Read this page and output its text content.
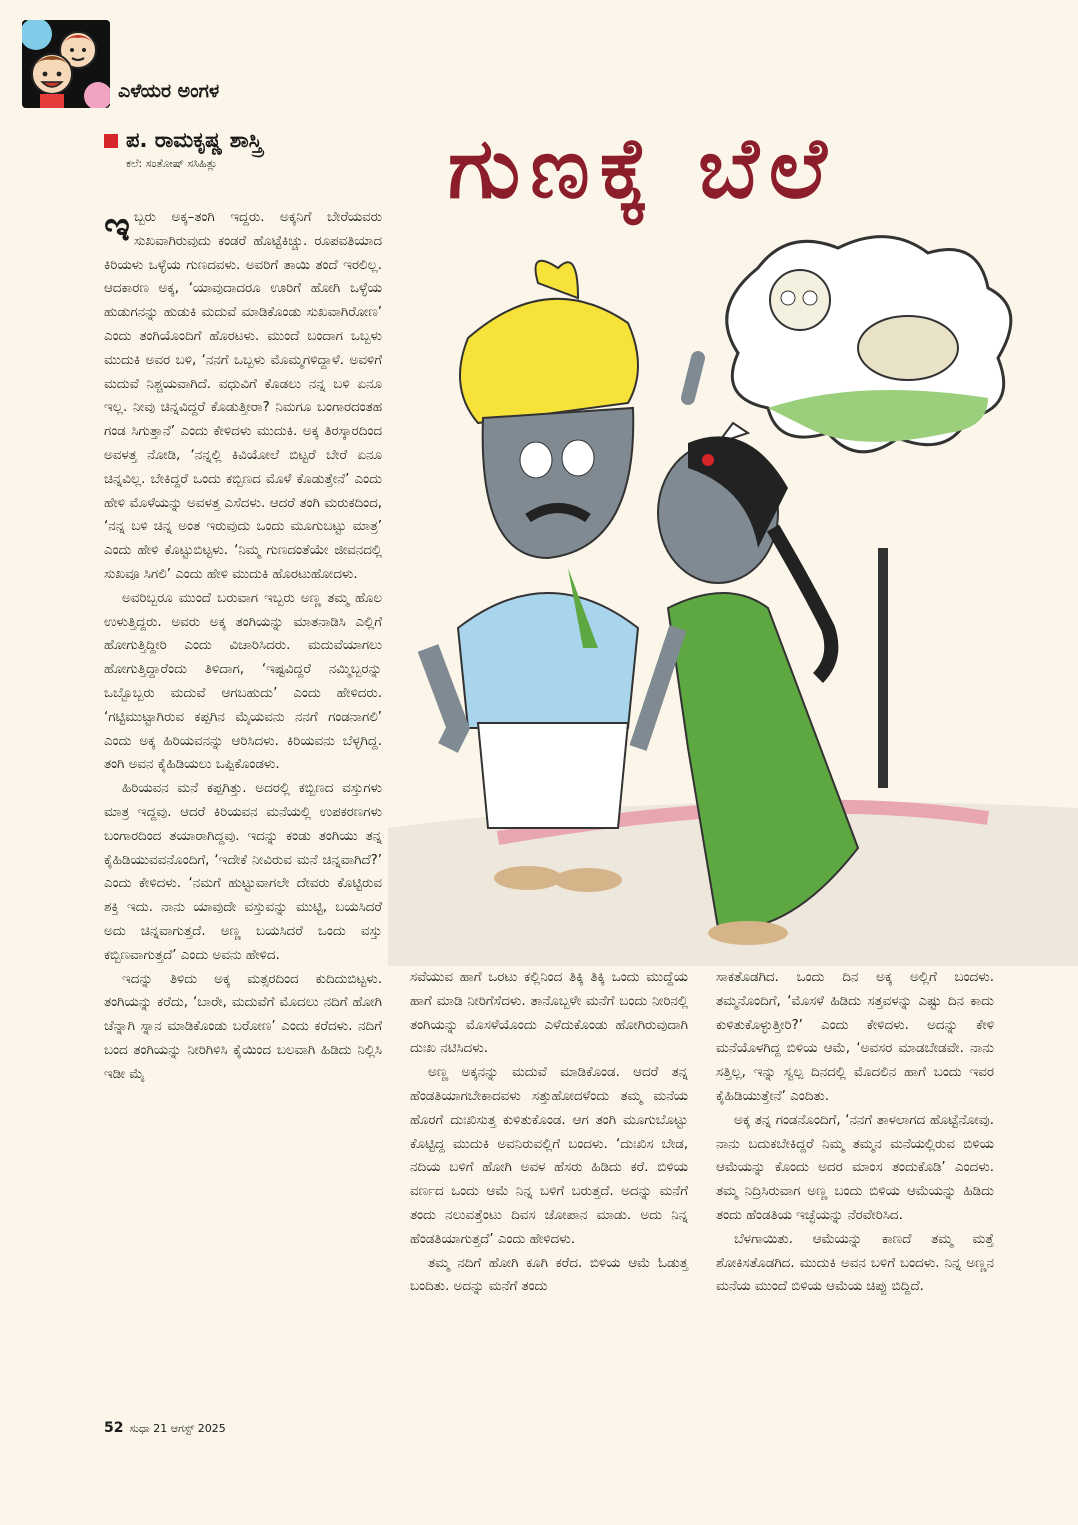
ಎಳೆಯರ ಅಂಗಳ
ಪ. ರಾಮಕೃಷ್ಣ ಶಾಸ್ತ್ರಿ
ಕಲೆ: ಸಂತೋಷ್ ಸಸಿಹಿತ್ಲು	ಗುಣಕ್ಕೆ ಬೆಲೆ

ಇಬ್ಬರು ಅಕ್ಕ–ತಂಗಿ ಇದ್ದರು. ಅಕ್ಕನಿಗೆ ಬೇರೆಯವರು ಸುಖವಾಗಿರುವುದು ಕಂಡರೆ ಹೊಟ್ಟೆಕಿಚ್ಚು. ರೂಪವತಿಯಾದ ಕಿರಿಯಳು ಒಳ್ಳೆಯ ಗುಣದವಳು. ಅವರಿಗೆ ತಾಯಿ ತಂದೆ ಇರಲಿಲ್ಲ. ಆದಕಾರಣ ಅಕ್ಕ, ‘ಯಾವುದಾದರೂ ಊರಿಗೆ ಹೋಗಿ ಒಳ್ಳೆಯ ಹುಡುಗನನ್ನು ಹುಡುಕಿ ಮದುವೆ ಮಾಡಿಕೊಂಡು ಸುಖವಾಗಿರೋಣ’ ಎಂದು ತಂಗಿಯೊಂದಿಗೆ ಹೊರಟಳು. ಮುಂದೆ ಬಂದಾಗ ಒಬ್ಬಳು ಮುದುಕಿ ಅವರ ಬಳಿ, ‘ನನಗೆ ಒಬ್ಬಳು ಮೊಮ್ಮಗಳಿದ್ದಾಳೆ. ಅವಳಿಗೆ ಮದುವೆ ನಿಶ್ಚಯವಾಗಿದೆ. ವಧುವಿಗೆ ಕೊಡಲು ನನ್ನ ಬಳಿ ಏನೂ ಇಲ್ಲ. ನೀವು ಚಿನ್ನವಿದ್ದರೆ ಕೊಡುತ್ತೀರಾ? ನಿಮಗೂ ಬಂಗಾರದಂತಹ ಗಂಡ ಸಿಗುತ್ತಾನೆ’ ಎಂದು ಕೇಳಿದಳು ಮುದುಕಿ. ಅಕ್ಕ ತಿರಸ್ಕಾರದಿಂದ ಅವಳತ್ತ ನೋಡಿ, ‘ನನ್ನಲ್ಲಿ ಕಿವಿಯೋಲೆ ಬಿಟ್ಟರೆ ಬೇರೆ ಏನೂ ಚಿನ್ನವಿಲ್ಲ. ಬೇಕಿದ್ದರೆ ಒಂದು ಕಬ್ಬಿಣದ ಮೊಳೆ ಕೊಡುತ್ತೇನೆ’ ಎಂದು ಹೇಳಿ ಮೊಳೆಯನ್ನು ಅವಳತ್ತ ಎಸೆದಳು. ಆದರೆ ತಂಗಿ ಮರುಕದಿಂದ, ‘ನನ್ನ ಬಳಿ ಚಿನ್ನ ಅಂತ ಇರುವುದು ಒಂದು ಮೂಗುಬಟ್ಟು ಮಾತ್ರ’ ಎಂದು ಹೇಳಿ ಕೊಟ್ಟುಬಿಟ್ಟಳು. ‘ನಿಮ್ಮ ಗುಣದಂತೆಯೇ ಜೀವನದಲ್ಲಿ ಸುಖವೂ ಸಿಗಲಿ’ ಎಂದು ಹೇಳಿ ಮುದುಕಿ ಹೊರಟುಹೋದಳು.

ಅವರಿಬ್ಬರೂ ಮುಂದೆ ಬರುವಾಗ ಇಬ್ಬರು ಅಣ್ಣ ತಮ್ಮ ಹೊಲ ಉಳುತ್ತಿದ್ದರು. ಅವರು ಅಕ್ಕ ತಂಗಿಯನ್ನು ಮಾತನಾಡಿಸಿ ಎಲ್ಲಿಗೆ ಹೋಗುತ್ತಿದ್ದೀರಿ ಎಂದು ವಿಚಾರಿಸಿದರು. ಮದುವೆಯಾಗಲು ಹೋಗುತ್ತಿದ್ದಾರೆಂದು ತಿಳಿದಾಗ, ‘ಇಷ್ಟವಿದ್ದರೆ ನಮ್ಮಿಬ್ಬರನ್ನು ಒಬ್ಬೊಬ್ಬರು ಮದುವೆ ಆಗಬಹುದು’ ಎಂದು ಹೇಳಿದರು. ‘ಗಟ್ಟಿಮುಟ್ಟಾಗಿರುವ ಕಪ್ಪಗಿನ ಮೈಯವನು ನನಗೆ ಗಂಡನಾಗಲಿ’ ಎಂದು ಅಕ್ಕ ಹಿರಿಯವನನ್ನು ಆರಿಸಿದಳು. ಕಿರಿಯವನು ಬೆಳ್ಳಗಿದ್ದ. ತಂಗಿ ಅವನ ಕೈಹಿಡಿಯಲು ಒಪ್ಪಿಕೊಂಡಳು.

ಹಿರಿಯವನ ಮನೆ ಕಪ್ಪಗಿತ್ತು. ಅದರಲ್ಲಿ ಕಬ್ಬಿಣದ ವಸ್ತುಗಳು ಮಾತ್ರ ಇದ್ದವು. ಆದರೆ ಕಿರಿಯವನ ಮನೆಯಲ್ಲಿ ಉಪಕರಣಗಳು ಬಂಗಾರದಿಂದ ತಯಾರಾಗಿದ್ದವು. ಇದನ್ನು ಕಂಡು ತಂಗಿಯು ತನ್ನ ಕೈಹಿಡಿಯುವವನೊಂದಿಗೆ, ‘ಇದೇಕೆ ನೀವಿರುವ ಮನೆ ಚಿನ್ನವಾಗಿದೆ?’ ಎಂದು ಕೇಳಿದಳು. ‘ನಮಗೆ ಹುಟ್ಟುವಾಗಲೇ ದೇವರು ಕೊಟ್ಟಿರುವ ಶಕ್ತಿ ಇದು. ನಾನು ಯಾವುದೇ ವಸ್ತುವನ್ನು ಮುಟ್ಟಿ, ಬಯಸಿದರೆ ಅದು ಚಿನ್ನವಾಗುತ್ತದೆ. ಅಣ್ಣ ಬಯಸಿದರೆ ಒಂದು ವಸ್ತು ಕಬ್ಬಿಣವಾಗುತ್ತದೆ’ ಎಂದು ಅವನು ಹೇಳಿದ.

ಇದನ್ನು ತಿಳಿದು ಅಕ್ಕ ಮತ್ಸರದಿಂದ ಕುದಿದುಬಿಟ್ಟಳು. ತಂಗಿಯನ್ನು ಕರೆದು, ‘ಬಾರೇ, ಮದುವೆಗೆ ಮೊದಲು ನದಿಗೆ ಹೋಗಿ ಚೆನ್ನಾಗಿ ಸ್ನಾನ ಮಾಡಿಕೊಂಡು ಬರೋಣ’ ಎಂದು ಕರೆದಳು. ನದಿಗೆ ಬಂದ ತಂಗಿಯನ್ನು ನೀರಿಗಿಳಿಸಿ ಕೈಯಿಂದ ಬಲವಾಗಿ ಹಿಡಿದು ನಿಲ್ಲಿಸಿ ಇಡೀ ಮೈ

ಸವೆಯುವ ಹಾಗೆ ಒರಟು ಕಲ್ಲಿನಿಂದ ತಿಕ್ಕಿ ತಿಕ್ಕಿ ಒಂದು ಮುದ್ದೆಯ ಹಾಗೆ ಮಾಡಿ ನೀರಿಗೆಸೆದಳು. ತಾನೊಬ್ಬಳೇ ಮನೆಗೆ ಬಂದು ನೀರಿನಲ್ಲಿ ತಂಗಿಯನ್ನು ಮೊಸಳೆಯೊಂದು ಎಳೆದುಕೊಂಡು ಹೋಗಿರುವುದಾಗಿ ದುಃಖ ನಟಿಸಿದಳು.

ಅಣ್ಣ ಅಕ್ಕನನ್ನು ಮದುವೆ ಮಾಡಿಕೊಂಡ. ಆದರೆ ತನ್ನ ಹೆಂಡತಿಯಾಗಬೇಕಾದವಳು ಸತ್ತುಹೋದಳೆಂದು ತಮ್ಮ ಮನೆಯ ಹೊರಗೆ ದುಃಖಿಸುತ್ತ ಕುಳಿತುಕೊಂಡ. ಆಗ ತಂಗಿ ಮೂಗುಬೊಟ್ಟು ಕೊಟ್ಟಿದ್ದ ಮುದುಕಿ ಅವನಿರುವಲ್ಲಿಗೆ ಬಂದಳು. ‘ದುಃಖಿಸ ಬೇಡ, ನದಿಯ ಬಳಿಗೆ ಹೋಗಿ ಅವಳ ಹೆಸರು ಹಿಡಿದು ಕರೆ. ಬಿಳಿಯ ವರ್ಣದ ಒಂದು ಆಮೆ ನಿನ್ನ ಬಳಿಗೆ ಬರುತ್ತದೆ. ಅದನ್ನು ಮನೆಗೆ ತಂದು ನಲುವತ್ತೆಂಟು ದಿವಸ ಜೋಪಾನ ಮಾಡು. ಅದು ನಿನ್ನ ಹೆಂಡತಿಯಾಗುತ್ತದೆ’ ಎಂದು ಹೇಳಿದಳು.

ತಮ್ಮ ನದಿಗೆ ಹೋಗಿ ಕೂಗಿ ಕರೆದ. ಬಿಳಿಯ ಆಮೆ ಓಡುತ್ತ ಬಂದಿತು. ಅದನ್ನು ಮನೆಗೆ ತಂದು

ಸಾಕತೊಡಗಿದ. ಒಂದು ದಿನ ಅಕ್ಕ ಅಲ್ಲಿಗೆ ಬಂದಳು. ತಮ್ಮನೊಂದಿಗೆ, ‘ಮೊಸಳೆ ಹಿಡಿದು ಸತ್ತವಳನ್ನು ಎಷ್ಟು ದಿನ ಕಾದು ಕುಳಿತುಕೊಳ್ಳುತ್ತೀರಿ?’ ಎಂದು ಕೇಳಿದಳು. ಅದನ್ನು ಕೇಳಿ ಮನೆಯೊಳಗಿದ್ದ ಬಿಳಿಯ ಆಮೆ, ‘ಅವಸರ ಮಾಡಬೇಡವೇ. ನಾನು ಸತ್ತಿಲ್ಲ, ಇನ್ನು ಸ್ವಲ್ಪ ದಿನದಲ್ಲಿ ಮೊದಲಿನ ಹಾಗೆ ಬಂದು ಇವರ ಕೈಹಿಡಿಯುತ್ತೇನೆ’ ಎಂದಿತು.

ಅಕ್ಕ ತನ್ನ ಗಂಡನೊಂದಿಗೆ, ‘ನನಗೆ ತಾಳಲಾಗದ ಹೊಟ್ಟೆನೋವು. ನಾನು ಬದುಕಬೇಕಿದ್ದರೆ ನಿಮ್ಮ ತಮ್ಮನ ಮನೆಯಲ್ಲಿರುವ ಬಿಳಿಯ ಆಮೆಯನ್ನು ಕೊಂದು ಅದರ ಮಾಂಸ ತಂದುಕೊಡಿ’ ಎಂದಳು. ತಮ್ಮ ನಿದ್ರಿಸಿರುವಾಗ ಅಣ್ಣ ಬಂದು ಬಿಳಿಯ ಆಮೆಯನ್ನು ಹಿಡಿದು ತಂದು ಹೆಂಡತಿಯ ಇಚ್ಛೆಯನ್ನು ನೆರವೇರಿಸಿದ.

ಬೆಳಗಾಯಿತು. ಆಮೆಯನ್ನು ಕಾಣದೆ ತಮ್ಮ ಮತ್ತೆ ಶೋಕಿಸತೊಡಗಿದ. ಮುದುಕಿ ಅವನ ಬಳಿಗೆ ಬಂದಳು. ನಿನ್ನ ಅಣ್ಣನ ಮನೆಯ ಮುಂದೆ ಬಿಳಿಯ ಆಮೆಯ ಚಿಪ್ಪು ಬಿದ್ದಿದೆ.

52 ಸುಧಾ 21 ಆಗಸ್ಟ್ 2025
